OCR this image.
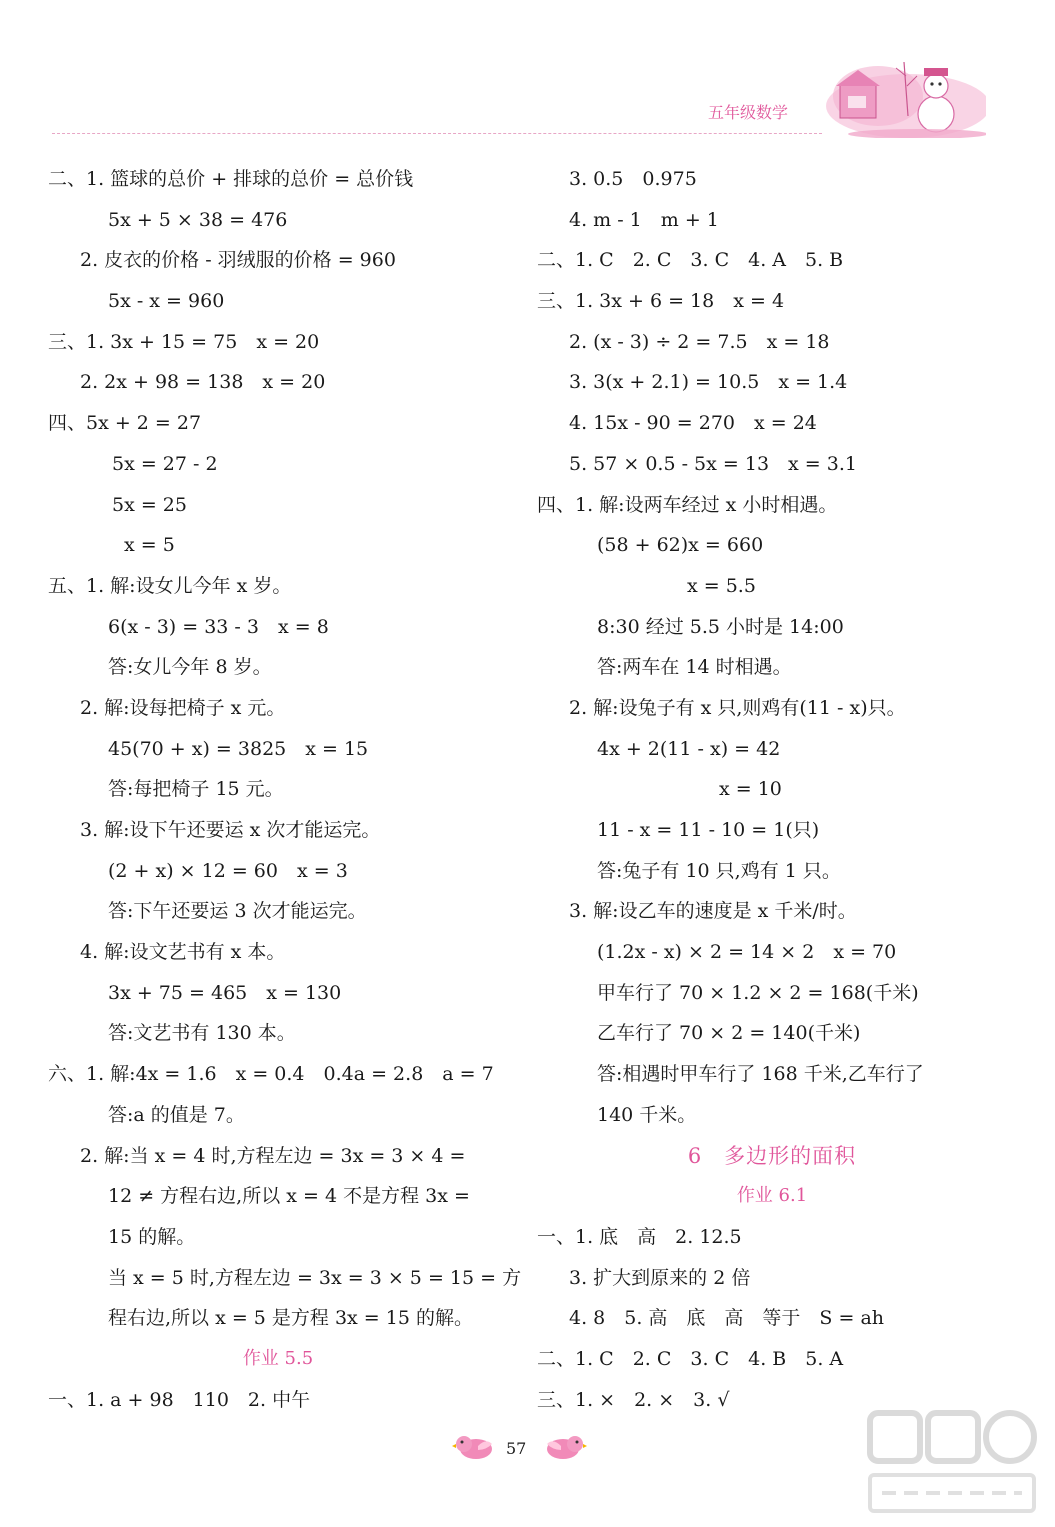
五年级数学
二、1. 篮球的总价 + 排球的总价 = 总价钱
5x + 5 × 38 = 476
2. 皮衣的价格 - 羽绒服的价格 = 960
5x - x = 960
三、1. 3x + 15 = 75　x = 20
2. 2x + 98 = 138　x = 20
四、5x + 2 = 27
5x = 27 - 2
5x = 25
x = 5
五、1. 解:设女儿今年 x 岁。
6(x - 3) = 33 - 3　x = 8
答:女儿今年 8 岁。
2. 解:设每把椅子 x 元。
45(70 + x) = 3825　x = 15
答:每把椅子 15 元。
3. 解:设下午还要运 x 次才能运完。
(2 + x) × 12 = 60　x = 3
答:下午还要运 3 次才能运完。
4. 解:设文艺书有 x 本。
3x + 75 = 465　x = 130
答:文艺书有 130 本。
六、1. 解:4x = 1.6　x = 0.4　0.4a = 2.8　a = 7
答:a 的值是 7。
2. 解:当 x = 4 时,方程左边 = 3x = 3 × 4 =
12 ≠ 方程右边,所以 x = 4 不是方程 3x =
15 的解。
当 x = 5 时,方程左边 = 3x = 3 × 5 = 15 = 方
程右边,所以 x = 5 是方程 3x = 15 的解。
作业 5.5
一、1. a + 98　110　2. 中午
3. 0.5　0.975
4. m - 1　m + 1
二、1. C　2. C　3. C　4. A　5. B
三、1. 3x + 6 = 18　x = 4
2. (x - 3) ÷ 2 = 7.5　x = 18
3. 3(x + 2.1) = 10.5　x = 1.4
4. 15x - 90 = 270　x = 24
5. 57 × 0.5 - 5x = 13　x = 3.1
四、1. 解:设两车经过 x 小时相遇。
(58 + 62)x = 660
x = 5.5
8:30 经过 5.5 小时是 14:00
答:两车在 14 时相遇。
2. 解:设兔子有 x 只,则鸡有(11 - x)只。
4x + 2(11 - x) = 42
x = 10
11 - x = 11 - 10 = 1(只)
答:兔子有 10 只,鸡有 1 只。
3. 解:设乙车的速度是 x 千米/时。
(1.2x - x) × 2 = 14 × 2　x = 70
甲车行了 70 × 1.2 × 2 = 168(千米)
乙车行了 70 × 2 = 140(千米)
答:相遇时甲车行了 168 千米,乙车行了
140 千米。
6　多边形的面积
作业 6.1
一、1. 底　高　2. 12.5
3. 扩大到原来的 2 倍
4. 8　5. 高　底　高　等于　S = ah
二、1. C　2. C　3. C　4. B　5. A
三、1. ×　2. ×　3. √
57
